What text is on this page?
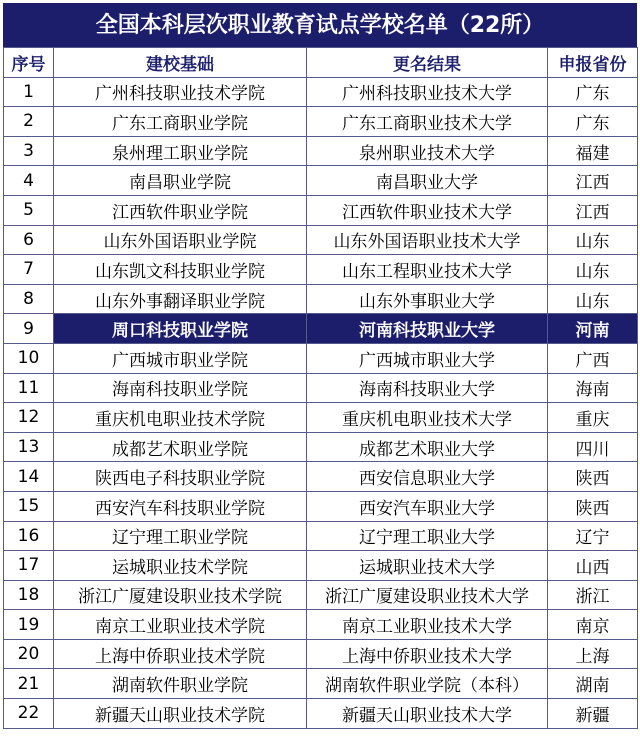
全国本科层次职业教育试点学校名单（22所）
序号	建校基础	更名结果	申报省份
1	广州科技职业技术学院	广州科技职业技术大学	广东
2	广东工商职业学院	广东工商职业技术大学	广东
3	泉州理工职业学院	泉州职业技术大学	福建
4	南昌职业学院	南昌职业大学	江西
5	江西软件职业学院	江西软件职业技术大学	江西
6	山东外国语职业学院	山东外国语职业技术大学	山东
7	山东凯文科技职业学院	山东工程职业技术大学	山东
8	山东外事翻译职业学院	山东外事职业大学	山东
9	周口科技职业学院	河南科技职业大学	河南
10	广西城市职业学院	广西城市职业大学	广西
11	海南科技职业学院	海南科技职业大学	海南
12	重庆机电职业技术学院	重庆机电职业技术大学	重庆
13	成都艺术职业学院	成都艺术职业大学	四川
14	陕西电子科技职业学院	西安信息职业大学	陕西
15	西安汽车科技职业学院	西安汽车职业大学	陕西
16	辽宁理工职业学院	辽宁理工职业大学	辽宁
17	运城职业技术学院	运城职业技术大学	山西
18	浙江广厦建设职业技术学院	浙江广厦建设职业技术大学	浙江
19	南京工业职业技术学院	南京工业职业技术大学	南京
20	上海中侨职业技术学院	上海中侨职业技术大学	上海
21	湖南软件职业学院	湖南软件职业学院（本科）	湖南
22	新疆天山职业技术学院	新疆天山职业技术大学	新疆
